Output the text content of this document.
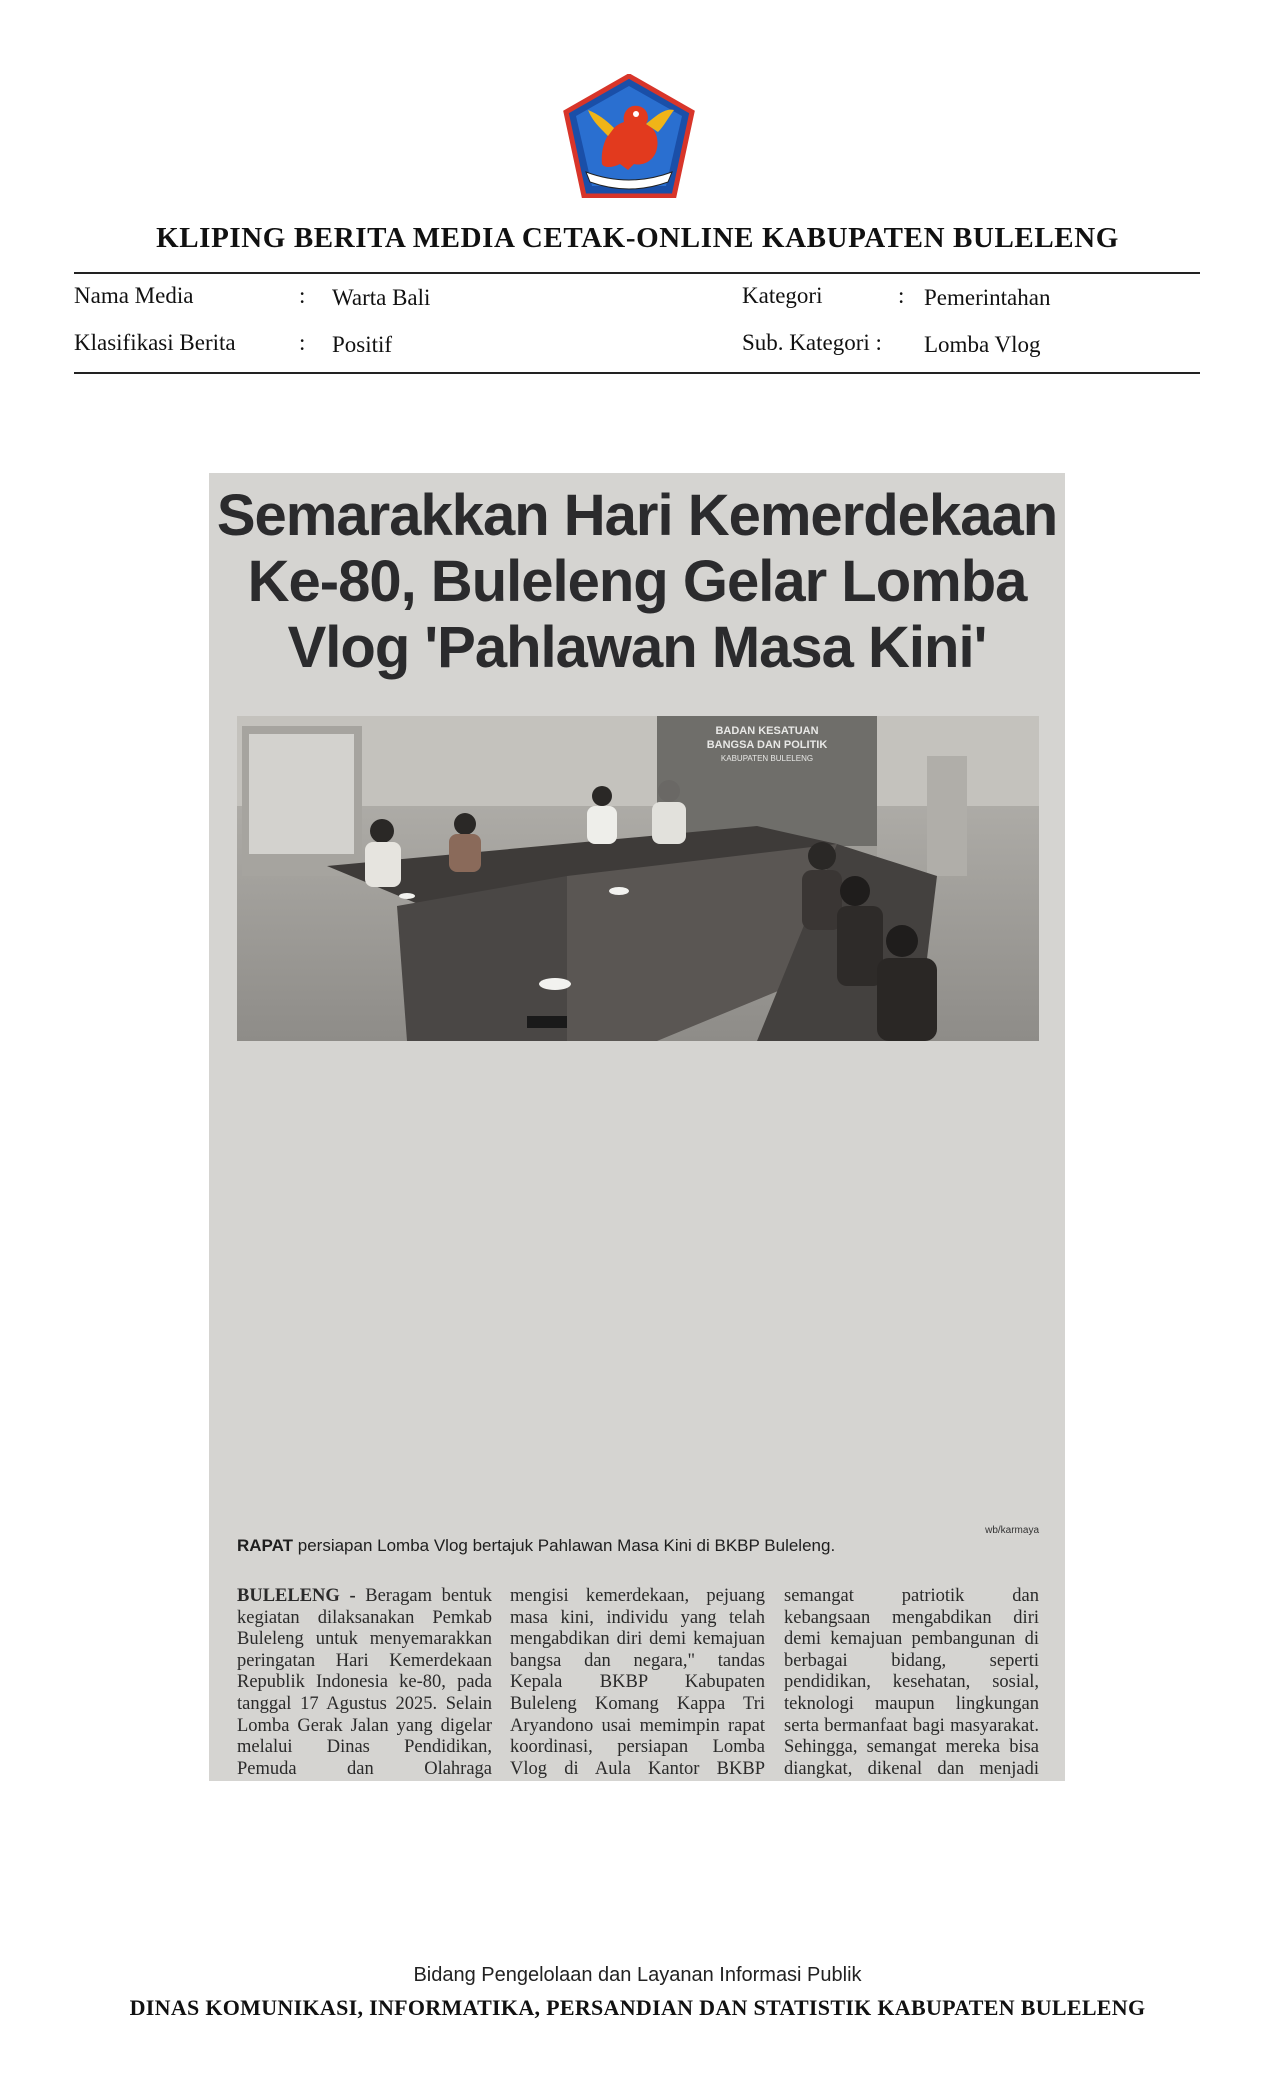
KLIPING BERITA MEDIA CETAK-ONLINE KABUPATEN BULELENG
Nama Media	: Warta Bali
Klasifikasi Berita	: Positif
Kategori	: Pemerintahan
Sub. Kategori : Lomba Vlog
Semarakkan Hari Kemerdekaan
Ke-80, Buleleng Gelar Lomba
Vlog 'Pahlawan Masa Kini'
BADAN KESATUAN
BANGSA DAN POLITIK
KABUPATEN BULELENG
wb/karmaya
RAPAT persiapan Lomba Vlog bertajuk Pahlawan Masa Kini di BKBP Buleleng.

BULELENG - Beragam bentuk kegiatan dilaksanakan Pemkab Buleleng untuk menyemarakkan peringatan Hari Kemerdekaan Republik Indonesia ke-80, pada tanggal 17 Agustus 2025. Selain Lomba Gerak Jalan yang digelar melalui Dinas Pendidikan, Pemuda dan Olahraga

mengisi kemerdekaan, pejuang masa kini, individu yang telah mengabdikan diri demi kemajuan bangsa dan negara," tandas Kepala BKBP Kabupaten Buleleng Komang Kappa Tri Aryandono usai memimpin rapat koordinasi, persiapan Lomba Vlog di Aula Kantor BKBP

semangat patriotik dan kebangsaan mengabdikan diri demi kemajuan pembangunan di berbagai bidang, seperti pendidikan, kesehatan, sosial, teknologi maupun lingkungan serta bermanfaat bagi masyarakat. Sehingga, semangat mereka bisa diangkat, dikenal dan menjadi

Bidang Pengelolaan dan Layanan Informasi Publik
DINAS KOMUNIKASI, INFORMATIKA, PERSANDIAN DAN STATISTIK KABUPATEN BULELENG
